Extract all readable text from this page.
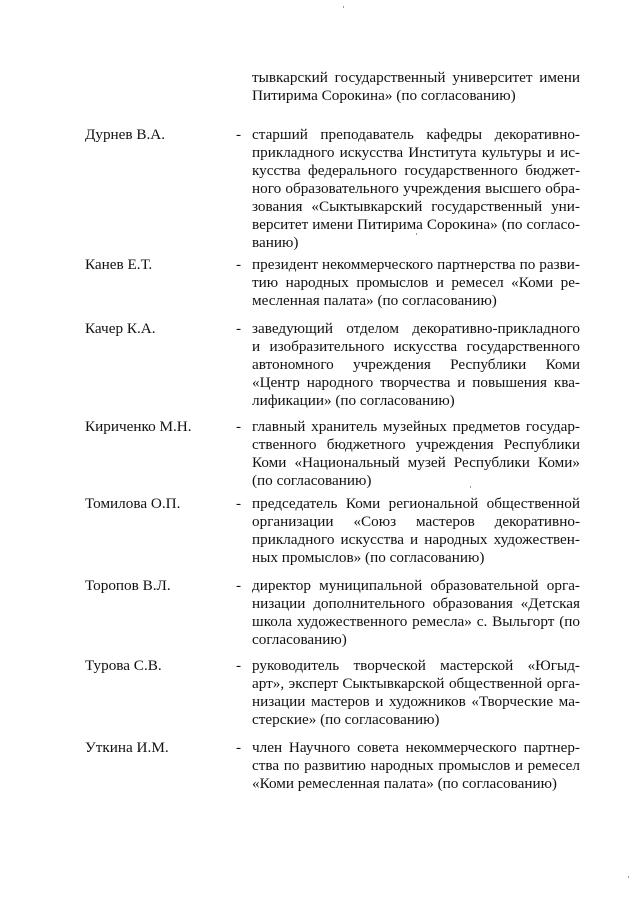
тывкарский государственный университет имени
Питирима Сорокина» (по согласованию)
Дурнев В.А.	- старший преподаватель кафедры декоративно-
прикладного искусства Института культуры и ис-
кусства федерального государственного бюджет-
ного образовательного учреждения высшего обра-
зования «Сыктывкарский государственный уни-
верситет имени Питирима Сорокина» (по согласо-
ванию)
Канев Е.Т.	- президент некоммерческого партнерства по разви-
тию народных промыслов и ремесел «Коми ре-
месленная палата» (по согласованию)
Качер К.А.	- заведующий отделом декоративно-прикладного
и изобразительного искусства государственного
автономного учреждения Республики Коми
«Центр народного творчества и повышения ква-
лификации» (по согласованию)
Кириченко М.Н.	- главный хранитель музейных предметов государ-
ственного бюджетного учреждения Республики
Коми «Национальный музей Республики Коми»
(по согласованию)
Томилова О.П.	- председатель Коми региональной общественной
организации «Союз мастеров декоративно-
прикладного искусства и народных художествен-
ных промыслов» (по согласованию)
Торопов В.Л.	- директор муниципальной образовательной орга-
низации дополнительного образования «Детская
школа художественного ремесла» с. Выльгорт (по
согласованию)
Турова С.В.	- руководитель творческой мастерской «Югыд-
арт», эксперт Сыктывкарской общественной орга-
низации мастеров и художников «Творческие ма-
стерские» (по согласованию)
Уткина И.М.	- член Научного совета некоммерческого партнер-
ства по развитию народных промыслов и ремесел
«Коми ремесленная палата» (по согласованию)
